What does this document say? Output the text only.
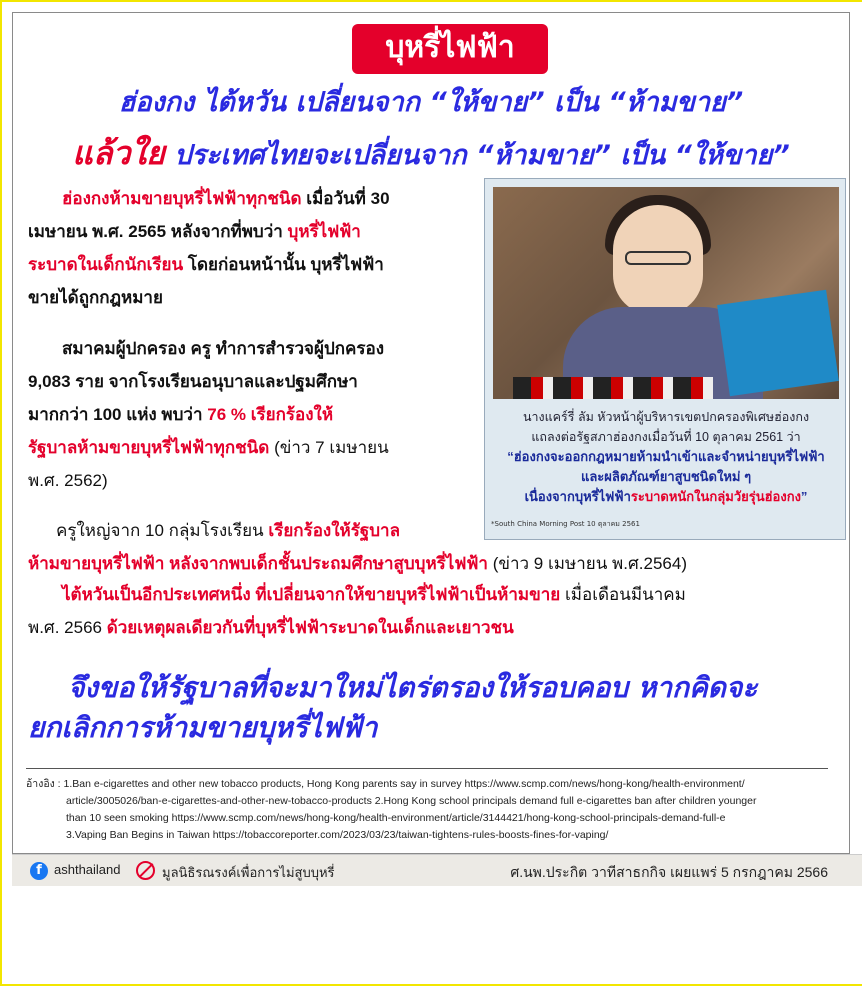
บุหรี่ไฟฟ้า
ฮ่องกง ไต้หวัน เปลี่ยนจาก “ให้ขาย” เป็น “ห้ามขาย”
แล้วใย ประเทศไทยจะเปลี่ยนจาก “ห้ามขาย” เป็น “ให้ขาย”
ฮ่องกงห้ามขายบุหรี่ไฟฟ้าทุกชนิด เมื่อวันที่ 30
เมษายน พ.ศ. 2565 หลังจากที่พบว่า บุหรี่ไฟฟ้า
ระบาดในเด็กนักเรียน โดยก่อนหน้านั้น บุหรี่ไฟฟ้า
ขายได้ถูกกฎหมาย
สมาคมผู้ปกครอง ครู ทำการสำรวจผู้ปกครอง
9,083 ราย จากโรงเรียนอนุบาลและปฐมศึกษา
มากกว่า 100 แห่ง พบว่า 76 % เรียกร้องให้
รัฐบาลห้ามขายบุหรี่ไฟฟ้าทุกชนิด (ข่าว 7 เมษายน
พ.ศ. 2562)
นางแคร์รี่ ลัม หัวหน้าผู้บริหารเขตปกครองพิเศษฮ่องกง
แถลงต่อรัฐสภาฮ่องกงเมื่อวันที่ 10 ตุลาคม 2561 ว่า
“ฮ่องกงจะออกกฎหมายห้ามนำเข้าและจำหน่ายบุหรี่ไฟฟ้า
และผลิตภัณฑ์ยาสูบชนิดใหม่ ๆ
เนื่องจากบุหรี่ไฟฟ้าระบาดหนักในกลุ่มวัยรุ่นฮ่องกง”
*South China Morning Post 10 ตุลาคม 2561
ครูใหญ่จาก 10 กลุ่มโรงเรียน เรียกร้องให้รัฐบาล
ห้ามขายบุหรี่ไฟฟ้า หลังจากพบเด็กชั้นประถมศึกษาสูบบุหรี่ไฟฟ้า (ข่าว 9 เมษายน พ.ศ.2564)
ไต้หวันเป็นอีกประเทศหนึ่ง ที่เปลี่ยนจากให้ขายบุหรี่ไฟฟ้าเป็นห้ามขาย เมื่อเดือนมีนาคม
พ.ศ. 2566 ด้วยเหตุผลเดียวกันที่บุหรี่ไฟฟ้าระบาดในเด็กและเยาวชน
จึงขอให้รัฐบาลที่จะมาใหม่ไตร่ตรองให้รอบคอบ หากคิดจะ
ยกเลิกการห้ามขายบุหรี่ไฟฟ้า
อ้างอิง : 1.Ban e-cigarettes and other new tobacco products, Hong Kong parents say in survey https://www.scmp.com/news/hong-kong/health-environment/
article/3005026/ban-e-cigarettes-and-other-new-tobacco-products 2.Hong Kong school principals demand full e-cigarettes ban after children younger
than 10 seen smoking https://www.scmp.com/news/hong-kong/health-environment/article/3144421/hong-kong-school-principals-demand-full-e
3.Vaping Ban Begins in Taiwan https://tobaccoreporter.com/2023/03/23/taiwan-tightens-rules-boosts-fines-for-vaping/
f ashthailand	มูลนิธิรณรงค์เพื่อการไม่สูบบุหรี่	ศ.นพ.ประกิต วาทีสาธกกิจ เผยแพร่ 5 กรกฎาคม 2566
